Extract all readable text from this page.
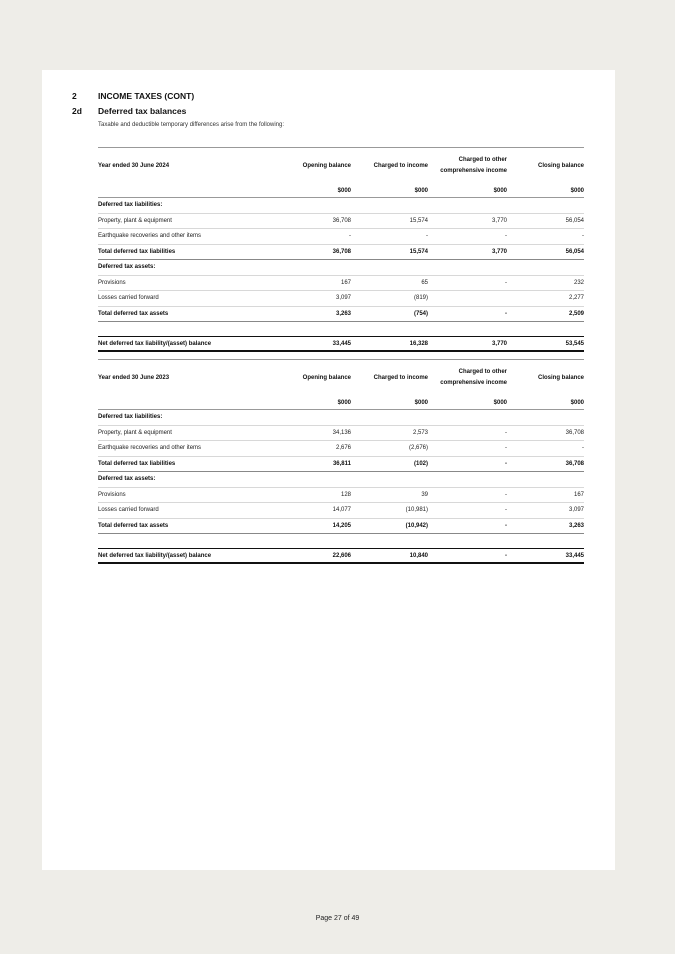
2	INCOME TAXES (CONT)
2d Deferred tax balances
Taxable and deductible temporary differences arise from the following:
Year ended 30 June 2024	Opening balance	Charged to income	Charged to other comprehensive income	Closing balance
	$000	$000	$000	$000
Deferred tax liabilities:				
Property, plant & equipment	36,708	15,574	3,770	56,054
Earthquake recoveries and other items	-	-	-	-
Total deferred tax liabilities	36,708	15,574	3,770	56,054
Deferred tax assets:				
Provisions	167	65	-	232
Losses carried forward	3,097	(819)		2,277
Total deferred tax assets	3,263	(754)	-	2,509

Net deferred tax liability/(asset) balance	33,445	16,328	3,770	53,545
Year ended 30 June 2023	Opening balance	Charged to income	Charged to other comprehensive income	Closing balance
	$000	$000	$000	$000
Deferred tax liabilities:				
Property, plant & equipment	34,136	2,573	-	36,708
Earthquake recoveries and other items	2,676	(2,676)	-	-
Total deferred tax liabilities	36,811	(102)	-	36,708
Deferred tax assets:				
Provisions	128	39	-	167
Losses carried forward	14,077	(10,981)	-	3,097
Total deferred tax assets	14,205	(10,942)	-	3,263

Net deferred tax liability/(asset) balance	22,606	10,840	-	33,445
Page 27 of 49
